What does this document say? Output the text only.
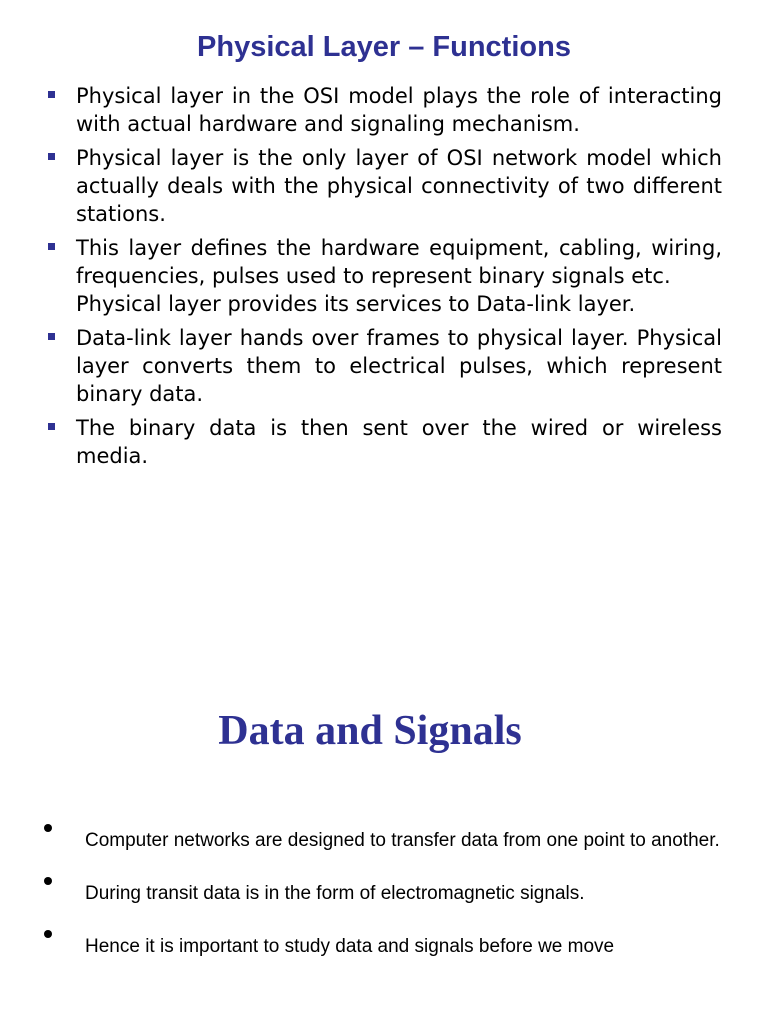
Physical Layer – Functions
Physical layer in the OSI model plays the role of interacting with actual hardware and signaling mechanism.
Physical layer is the only layer of OSI network model which actually deals with the physical connectivity of two different stations.
This layer defines the hardware equipment, cabling, wiring, frequencies, pulses used to represent binary signals etc.
Physical layer provides its services to Data-link layer.
Data-link layer hands over frames to physical layer. Physical layer converts them to electrical pulses, which represent binary data.
The binary data is then sent over the wired or wireless media.
Data and Signals
Computer networks are designed to transfer data from one point to another.
During transit data is in the form of electromagnetic signals.
Hence it is important to study data and signals before we move
